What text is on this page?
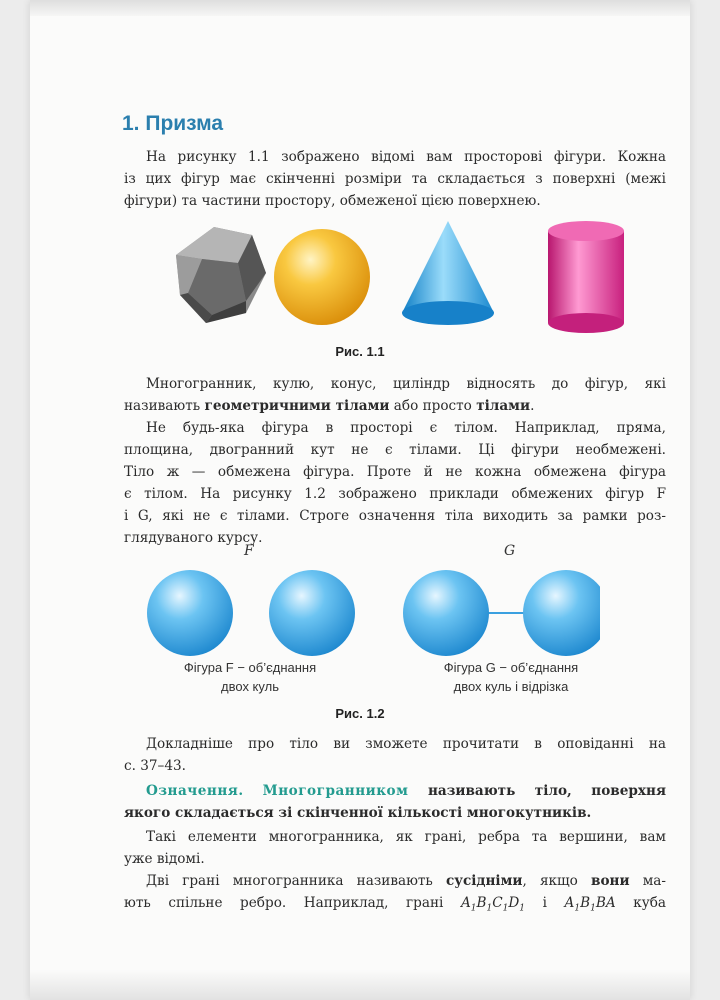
1. Призма
На рисунку 1.1 зображено відомі вам просторові фігури. Кожна
із цих фігур має скінченні розміри та складається з поверхні (межі
фігури) та частини простору, обмеженої цією поверхнею.
Рис. 1.1
Многогранник, кулю, конус, циліндр відносять до фігур, які
називають геометричними тілами або просто тілами.
Не будь-яка фігура в просторі є тілом. Наприклад, пряма,
площина, двогранний кут не є тілами. Ці фігури необмежені.
Тіло ж — обмежена фігура. Проте й не кожна обмежена фігура
є тілом. На рисунку 1.2 зображено приклади обмежених фігур F
і G, які не є тілами. Строге означення тіла виходить за рамки роз-
глядуваного курсу.
F	G
Фігура F − об’єднання
двох куль
Фігура G − об’єднання
двох куль і відрізка
Рис. 1.2
Докладніше про тіло ви зможете прочитати в оповіданні на
с. 37–43.
Означення. Многогранником називають тіло, поверхня
якого складається зі скінченної кількості многокутників.
Такі елементи многогранника, як грані, ребра та вершини, вам
уже відомі.
Дві грані многогранника називають сусідніми, якщо вони ма-
ють спільне ребро. Наприклад, грані $A_1B_1C_1D_1$ і $A_1B_1BA$ куба
